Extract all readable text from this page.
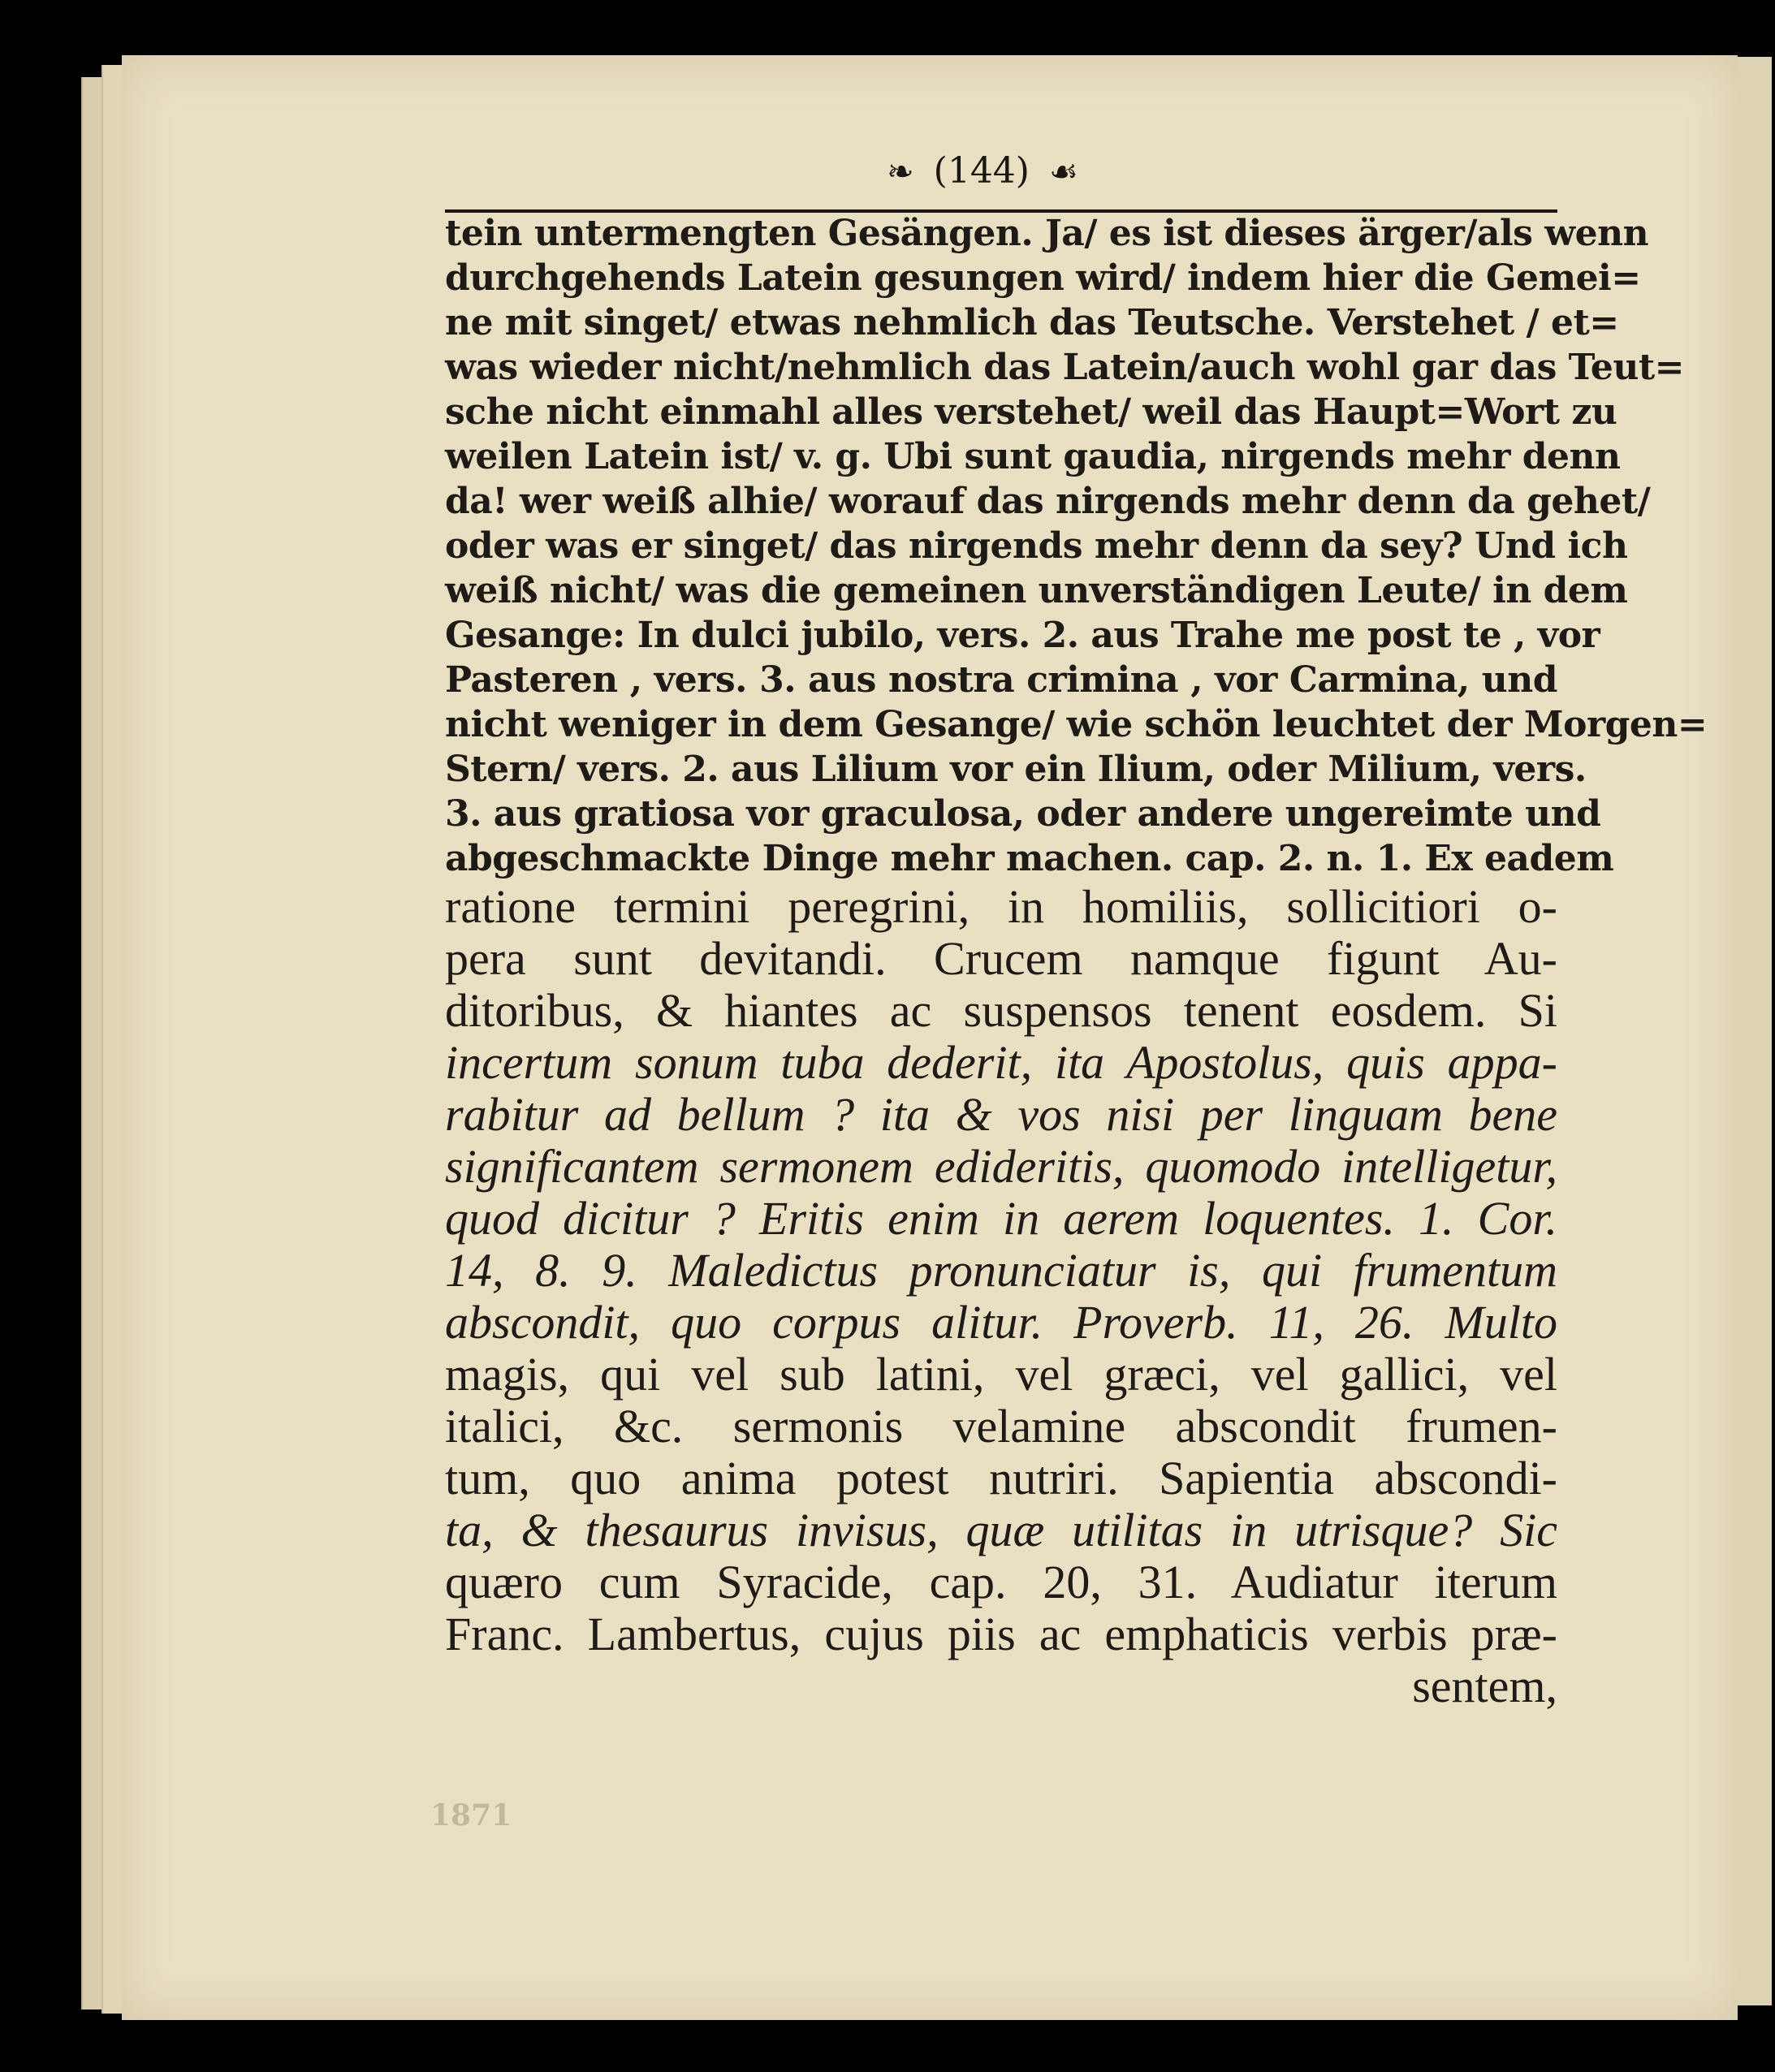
❧ (144) ☙
tein untermengten Gesängen. Ja/ es ist dieses ärger/als wenn
durchgehends Latein gesungen wird/ indem hier die Gemei=
ne mit singet/ etwas nehmlich das Teutsche. Verstehet / et=
was wieder nicht/nehmlich das Latein/auch wohl gar das Teut=
sche nicht einmahl alles verstehet/ weil das Haupt=Wort zu
weilen Latein ist/ v. g. Ubi sunt gaudia, nirgends mehr denn
da! wer weiß alhie/ worauf das nirgends mehr denn da gehet/
oder was er singet/ das nirgends mehr denn da sey? Und ich
weiß nicht/ was die gemeinen unverständigen Leute/ in dem
Gesange: In dulci jubilo, vers. 2. aus Trahe me post te , vor
Pasteren , vers. 3. aus nostra crimina , vor Carmina, und
nicht weniger in dem Gesange/ wie schön leuchtet der Morgen=
Stern/ vers. 2. aus Lilium vor ein Ilium, oder Milium, vers.
3. aus gratiosa vor graculosa, oder andere ungereimte und
abgeschmackte Dinge mehr machen. cap. 2. n. 1. Ex eadem
ratione termini peregrini, in homiliis, sollicitiori o-
pera sunt devitandi. Crucem namque figunt Au-
ditoribus, & hiantes ac suspensos tenent eosdem. Si
incertum sonum tuba dederit, ita Apostolus, quis appa-
rabitur ad bellum ? ita & vos nisi per linguam bene
significantem sermonem edideritis, quomodo intelligetur,
quod dicitur ? Eritis enim in aerem loquentes. 1. Cor.
14, 8. 9. Maledictus pronunciatur is, qui frumentum
abscondit, quo corpus alitur. Proverb. 11, 26. Multo
magis, qui vel sub latini, vel græci, vel gallici, vel
italici, &c. sermonis velamine abscondit frumen-
tum, quo anima potest nutriri. Sapientia abscondi-
ta, & thesaurus invisus, quæ utilitas in utrisque? Sic
quæro cum Syracide, cap. 20, 31. Audiatur iterum
Franc. Lambertus, cujus piis ac emphaticis verbis præ-
sentem,
1871
